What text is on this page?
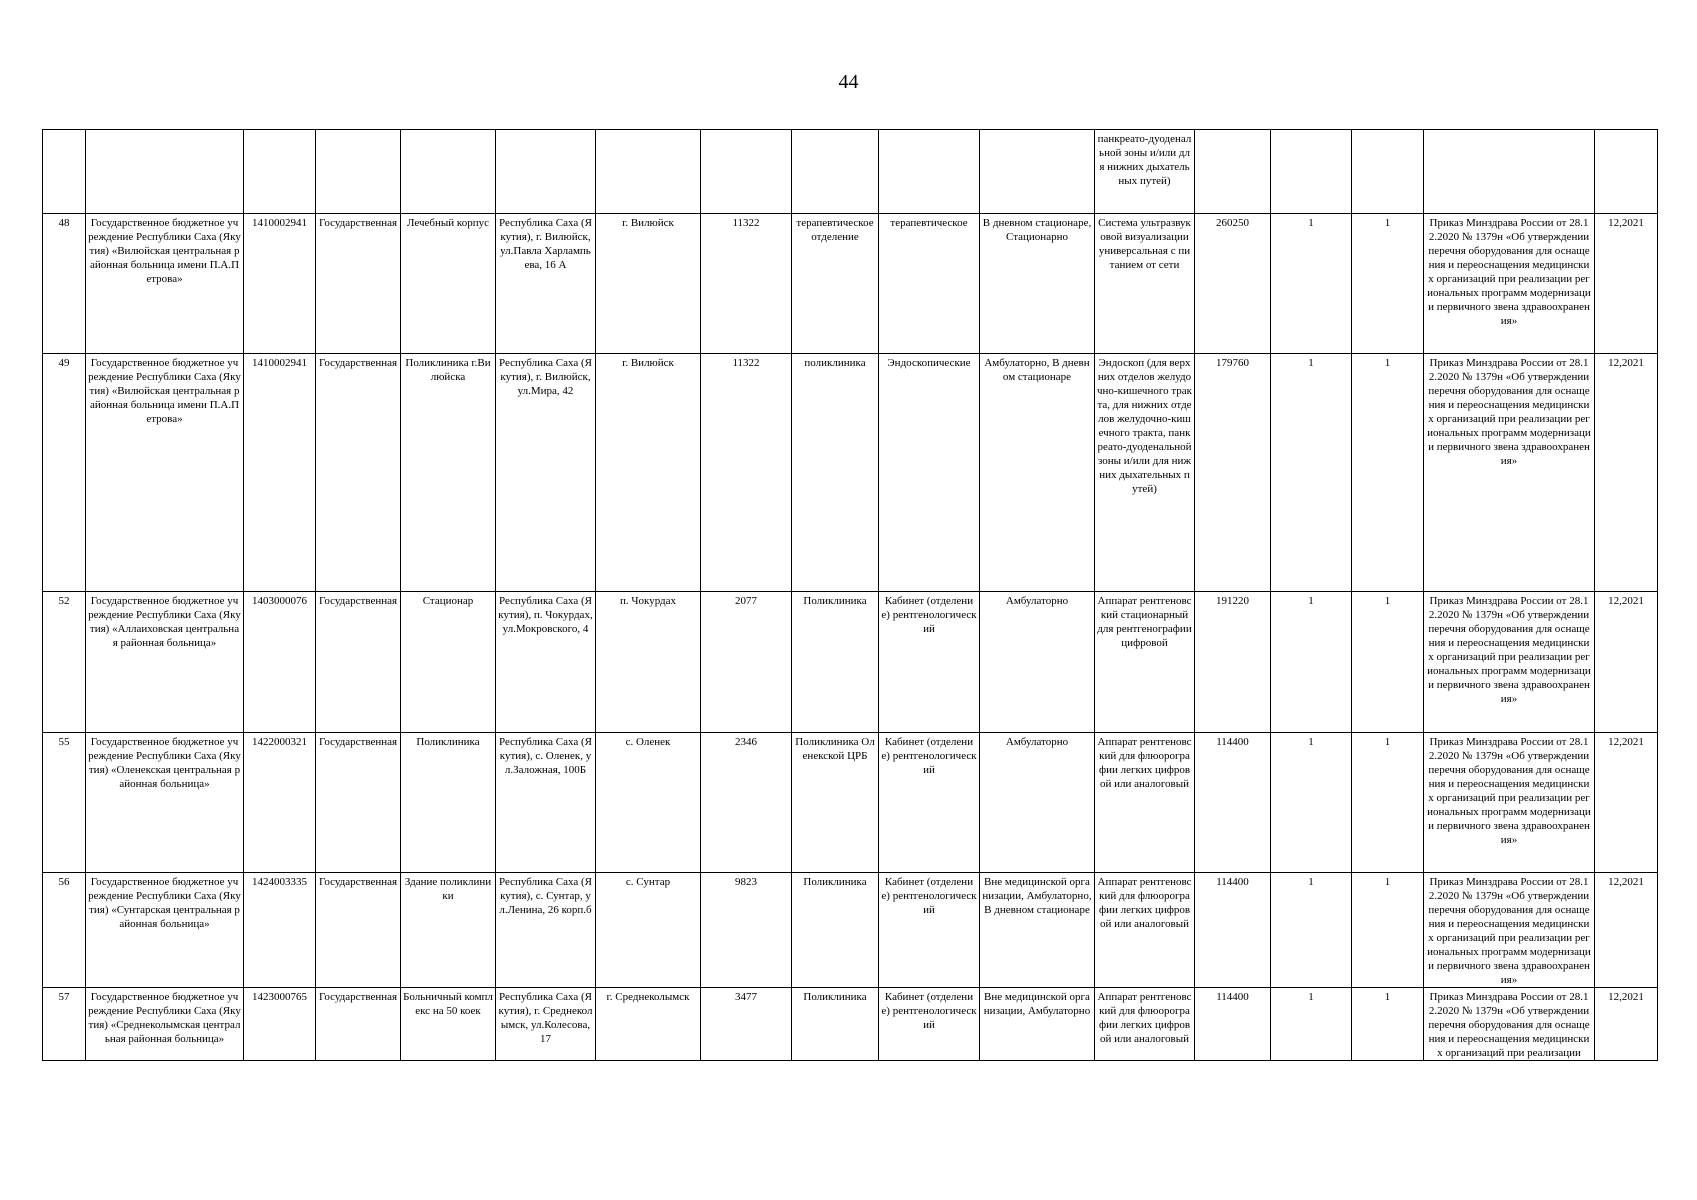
44
											панкреато-дуоденальной зоны и/или для нижних дыхательных путей)					
48	Государственное бюджетное учреждение Республики Саха (Якутия) «Вилюйская центральная районная больница имени П.А.Петрова»	1410002941	Государственная	Лечебный корпус	Республика Саха (Якутия), г. Вилюйск, ул.Павла Харлампьева, 16 А	г. Вилюйск	11322	терапевтическое отделение	терапевтическое	В дневном стационаре, Стационарно	Система ультразвуковой визуализации универсальная с питанием от сети	260250	1	1	Приказ Минздрава России от 28.12.2020 № 1379н «Об утверждении перечня оборудования для оснащения и переоснащения медицинских организаций при реализации региональных программ модернизации первичного звена здравоохранения»	12,2021
49	Государственное бюджетное учреждение Республики Саха (Якутия) «Вилюйская центральная районная больница имени П.А.Петрова»	1410002941	Государственная	Поликлиника г.Вилюйска	Республика Саха (Якутия), г. Вилюйск, ул.Мира, 42	г. Вилюйск	11322	поликлиника	Эндоскопические	Амбулаторно, В дневном стационаре	Эндоскоп (для верхних отделов желудочно-кишечного тракта, для нижних отделов желудочно-кишечного тракта, панкреато-дуоденальной зоны и/или для нижних дыхательных путей)	179760	1	1	Приказ Минздрава России от 28.12.2020 № 1379н «Об утверждении перечня оборудования для оснащения и переоснащения медицинских организаций при реализации региональных программ модернизации первичного звена здравоохранения»	12,2021
52	Государственное бюджетное учреждение Республики Саха (Якутия) «Аллаиховская центральная районная больница»	1403000076	Государственная	Стационар	Республика Саха (Якутия), п. Чокурдах, ул.Мокровского, 4	п. Чокурдах	2077	Поликлиника	Кабинет (отделение) рентгенологический	Амбулаторно	Аппарат рентгеновский стационарный для рентгенографии цифровой	191220	1	1	Приказ Минздрава России от 28.12.2020 № 1379н «Об утверждении перечня оборудования для оснащения и переоснащения медицинских организаций при реализации региональных программ модернизации первичного звена здравоохранения»	12,2021
55	Государственное бюджетное учреждение Республики Саха (Якутия) «Оленекская центральная районная больница»	1422000321	Государственная	Поликлиника	Республика Саха (Якутия), с. Оленек, ул.Заложная, 100Б	с. Оленек	2346	Поликлиника Оленекской ЦРБ	Кабинет (отделение) рентгенологический	Амбулаторно	Аппарат рентгеновский для флюорографии легких цифровой или аналоговый	114400	1	1	Приказ Минздрава России от 28.12.2020 № 1379н «Об утверждении перечня оборудования для оснащения и переоснащения медицинских организаций при реализации региональных программ модернизации первичного звена здравоохранения»	12,2021
56	Государственное бюджетное учреждение Республики Саха (Якутия) «Сунтарская центральная районная больница»	1424003335	Государственная	Здание поликлиники	Республика Саха (Якутия), с. Сунтар, ул.Ленина, 26 корп.б	с. Сунтар	9823	Поликлиника	Кабинет (отделение) рентгенологический	Вне медицинской организации, Амбулаторно, В дневном стационаре	Аппарат рентгеновский для флюорографии легких цифровой или аналоговый	114400	1	1	Приказ Минздрава России от 28.12.2020 № 1379н «Об утверждении перечня оборудования для оснащения и переоснащения медицинских организаций при реализации региональных программ модернизации первичного звена здравоохранения»	12,2021
57	Государственное бюджетное учреждение Республики Саха (Якутия) «Среднеколымская центральная районная больница»	1423000765	Государственная	Больничный комплекс на 50 коек	Республика Саха (Якутия), г. Среднеколымск, ул.Колесова, 17	г. Среднеколымск	3477	Поликлиника	Кабинет (отделение) рентгенологический	Вне медицинской организации, Амбулаторно	Аппарат рентгеновский для флюорографии легких цифровой или аналоговый	114400	1	1	Приказ Минздрава России от 28.12.2020 № 1379н «Об утверждении перечня оборудования для оснащения и переоснащения медицинских организаций при реализации	12,2021
